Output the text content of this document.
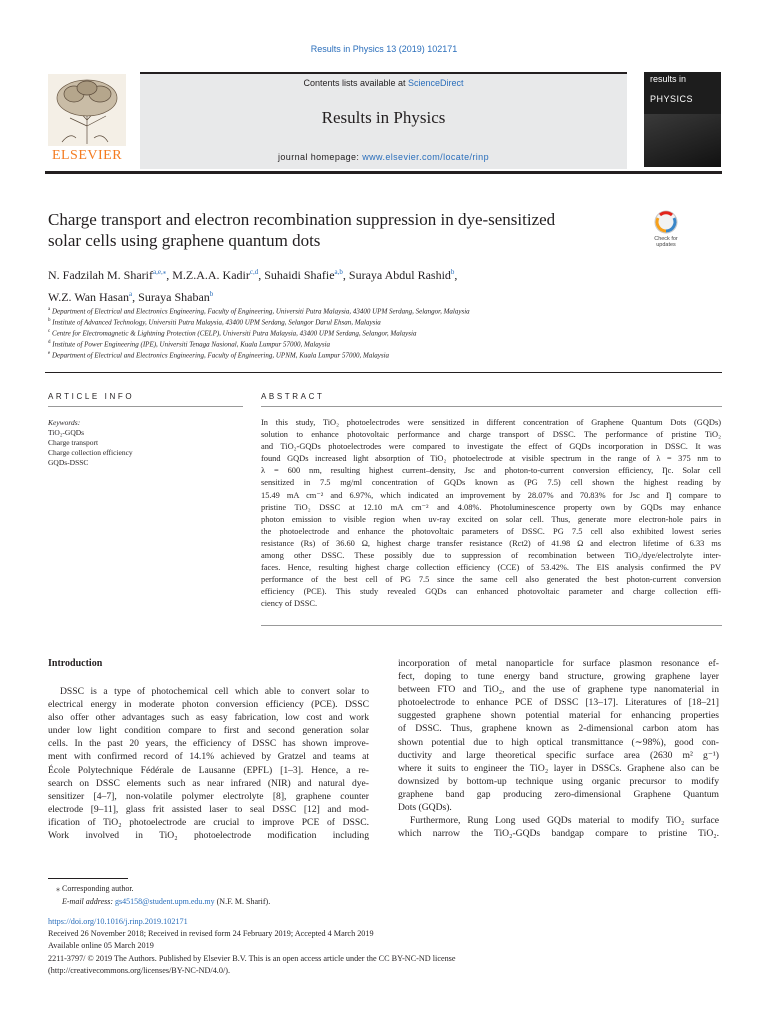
Results in Physics 13 (2019) 102171
ELSEVIER
Contents lists available at ScienceDirect
Results in Physics
journal homepage: www.elsevier.com/locate/rinp
results in
PHYSICS
Charge transport and electron recombination suppression in dye-sensitized
solar cells using graphene quantum dots	Check for
updates
N. Fadzilah M. Sharif$^{a,e,⁎}$, M.Z.A.A. Kadir$^{c,d}$, Suhaidi Shafie$^{a,b}$, Suraya Abdul Rashid$^b$,
W.Z. Wan Hasan$^a$, Suraya Shaban$^b$
$^a$ Department of Electrical and Electronics Engineering, Faculty of Engineering, Universiti Putra Malaysia, 43400 UPM Serdang, Selangor, Malaysia
$^b$ Institute of Advanced Technology, Universiti Putra Malaysia, 43400 UPM Serdang, Selangor Darul Ehsan, Malaysia
$^c$ Centre for Electromagnetic & Lightning Protection (CELP), Universiti Putra Malaysia, 43400 UPM Serdang, Selangor, Malaysia
$^d$ Institute of Power Engineering (IPE), Universiti Tenaga Nasional, Kuala Lumpur 57000, Malaysia
$^e$ Department of Electrical and Electronics Engineering, Faculty of Engineering, UPNM, Kuala Lumpur 57000, Malaysia
ARTICLE INFO	ABSTRACT
Keywords:
TiO₂-GQDs
Charge transport
Charge collection efficiency
GQDs-DSSC
In this study, TiO₂ photoelectrodes were sensitized in different concentration of Graphene Quantum Dots (GQDs)
solution to enhance photovoltaic performance and charge transport of DSSC. The performance of pristine TiO₂
and TiO₂-GQDs photoelectrodes were compared to investigate the effect of GQDs incorporation in DSSC. It was
found GQDs increased light absorption of TiO₂ photoelectrode at visible spectrum in the range of λ = 375 nm to
λ = 600 nm, resulting highest current–density, Jsc and photon-to-current conversion efficiency, Ƞc. Solar cell
sensitized in 7.5 mg/ml concentration of GQDs known as (PG 7.5) cell shown the highest reading by
15.49 mA cm⁻² and 6.97%, which indicated an improvement by 28.07% and 70.83% for Jsc and Ƞ compare to
pristine TiO₂ DSSC at 12.10 mA cm⁻² and 4.08%. Photoluminescence property own by GQDs may enhance
photon emission to visible region when uv-ray excited on solar cell. Thus, generate more electron-hole pairs in
the photoelectrode and enhance the photovoltaic parameters of DSSC. PG 7.5 cell also exhibited lowest series
resistance (Rs) of 36.60 Ω, highest charge transfer resistance (Rct2) of 41.98 Ω and electron lifetime of 6.33 ms
among other DSSC. These possibly due to suppression of recombination between TiO₂/dye/electrolyte inter-
faces. Hence, resulting highest charge collection efficiency (CCE) of 53.42%. The EIS analysis confirmed the PV
performance of the best cell of PG 7.5 since the same cell also generated the best photon-current conversion
efficiency (PCE). This study revealed GQDs can enhanced photovoltaic parameter and charge collection effi-
ciency of DSSC.
Introduction
DSSC is a type of photochemical cell which able to convert solar to
electrical energy in moderate photon conversion efficiency (PCE). DSSC
also offer other advantages such as easy fabrication, low cost and work
under low light condition compare to first and second generation solar
cells. In the past 20 years, the efficiency of DSSC has shown improve-
ment with confirmed record of 14.1% achieved by Gratzel and teams at
École Polytechnique Fédérale de Lausanne (EPFL) [1–3]. Hence, a re-
search on DSSC elements such as near infrared (NIR) and natural dye-
sensitizer [4–7], non-volatile polymer electrolyte [8], graphene counter
electrode [9–11], glass frit assisted laser to seal DSSC [12] and mod-
ification of TiO₂ photoelectrode are crucial to improve PCE of DSSC.
Work involved in TiO₂ photoelectrode modification including
incorporation of metal nanoparticle for surface plasmon resonance ef-
fect, doping to tune energy band structure, growing graphene layer
between FTO and TiO₂, and the use of graphene type nanomaterial in
photoelectrode to enhance PCE of DSSC [13–17]. Literatures of [18–21]
suggested graphene shown potential material for enhancing properties
of DSSC. Thus, graphene known as 2-dimensional carbon atom has
shown potential due to high optical transmittance (∼98%), good con-
ductivity and large theoretical specific surface area (2630 m² g⁻¹)
where it suits to engineer the TiO₂ layer in DSSCs. Graphene also can be
downsized by bottom-up technique using organic precursor to modify
graphene band gap producing zero-dimensional Graphene Quantum
Dots (GQDs).
Furthermore, Rung Long used GQDs material to modify TiO₂ surface
which narrow the TiO₂-GQDs bandgap compare to pristine TiO₂.
⁎ Corresponding author.
E-mail address: gs45158@student.upm.edu.my (N.F. M. Sharif).
https://doi.org/10.1016/j.rinp.2019.102171
Received 26 November 2018; Received in revised form 24 February 2019; Accepted 4 March 2019
Available online 05 March 2019
2211-3797/ © 2019 The Authors. Published by Elsevier B.V. This is an open access article under the CC BY-NC-ND license
(http://creativecommons.org/licenses/BY-NC-ND/4.0/).
